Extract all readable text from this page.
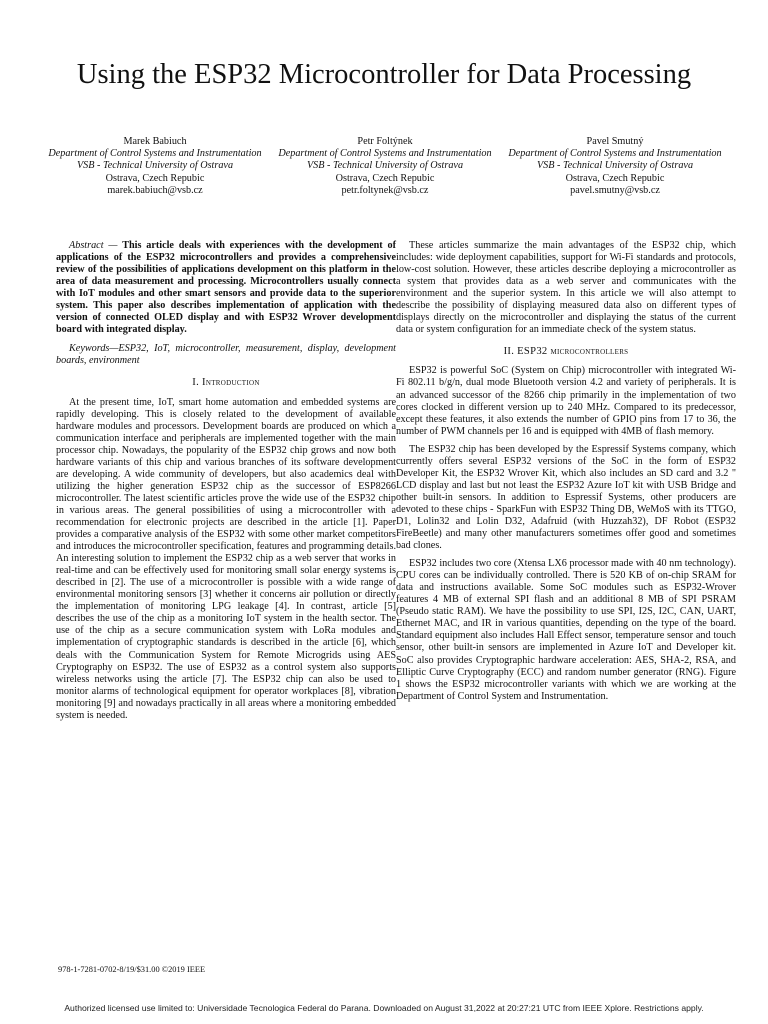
Using the ESP32 Microcontroller for Data Processing
Marek Babiuch
Department of Control Systems and Instrumentation
VSB - Technical University of Ostrava
Ostrava, Czech Repubic
marek.babiuch@vsb.cz
Petr Foltýnek
Department of Control Systems and Instrumentation
VSB - Technical University of Ostrava
Ostrava, Czech Repubic
petr.foltynek@vsb.cz
Pavel Smutný
Department of Control Systems and Instrumentation
VSB - Technical University of Ostrava
Ostrava, Czech Repubic
pavel.smutny@vsb.cz

Abstract — This article deals with experiences with the development of applications of the ESP32 microcontrollers and provides a comprehensive review of the possibilities of applications development on this platform in the area of data measurement and processing. Microcontrollers usually connect with IoT modules and other smart sensors and provide data to the superior system. This paper also describes implementation of application with the version of connected OLED display and with ESP32 Wrover development board with integrated display.

Keywords—ESP32, IoT, microcontroller, measurement, display, development boards, environment

I. Introduction

At the present time, IoT, smart home automation and embedded systems are rapidly developing. This is closely related to the development of available hardware modules and processors. Development boards are produced on which a communication interface and peripherals are implemented together with the main processor chip. Nowadays, the popularity of the ESP32 chip grows and now both hardware variants of this chip and various branches of its software development are developing. A wide community of developers, but also academics deal with utilizing the higher generation ESP32 chip as the successor of ESP8266 microcontroller. The latest scientific articles prove the wide use of the ESP32 chip in various areas. The general possibilities of using a microcontroller with a recommendation for electronic projects are described in the article [1]. Paper provides a comparative analysis of the ESP32 with some other market competitors and introduces the microcontroller specification, features and programming details. An interesting solution to implement the ESP32 chip as a web server that works in real-time and can be effectively used for monitoring small solar energy systems is described in [2]. The use of a microcontroller is possible with a wide range of environmental monitoring sensors [3] whether it concerns air pollution or directly the implementation of monitoring LPG leakage [4]. In contrast, article [5] describes the use of the chip as a monitoring IoT system in the health sector. The use of the chip as a secure communication system with LoRa modules and implementation of cryptographic standards is described in the article [6], which deals with the Communication System for Remote Microgrids using AES Cryptography on ESP32. The use of ESP32 as a control system also supports wireless networks using the article [7]. The ESP32 chip can also be used to monitor alarms of technological equipment for operator workplaces [8], vibration monitoring [9] and nowadays practically in all areas where a monitoring embedded system is needed.

These articles summarize the main advantages of the ESP32 chip, which includes: wide deployment capabilities, support for Wi-Fi standards and protocols, low-cost solution. However, these articles describe deploying a microcontroller as a system that provides data as a web server and communicates with the environment and the superior system. In this article we will also attempt to describe the possibility of displaying measured data also on different types of displays directly on the microcontroller and displaying the status of the current data or system configuration for an immediate check of the system status.

II. ESP32 microcontrollers

ESP32 is powerful SoC (System on Chip) microcontroller with integrated Wi-Fi 802.11 b/g/n, dual mode Bluetooth version 4.2 and variety of peripherals. It is an advanced successor of the 8266 chip primarily in the implementation of two cores clocked in different version up to 240 MHz. Compared to its predecessor, except these features, it also extends the number of GPIO pins from 17 to 36, the number of PWM channels per 16 and is equipped with 4MB of flash memory.

The ESP32 chip has been developed by the Espressif Systems company, which currently offers several ESP32 versions of the SoC in the form of ESP32 Developer Kit, the ESP32 Wrover Kit, which also includes an SD card and 3.2 " LCD display and last but not least the ESP32 Azure IoT kit with USB Bridge and other built-in sensors. In addition to Espressif Systems, other producers are devoted to these chips - SparkFun with ESP32 Thing DB, WeMoS with its TTGO, D1, Lolin32 and Lolin D32, Adafruid (with Huzzah32), DF Robot (ESP32 FireBeetle) and many other manufacturers sometimes offer good and sometimes bad clones.

ESP32 includes two core (Xtensa LX6 processor made with 40 nm technology). CPU cores can be individually controlled. There is 520 KB of on-chip SRAM for data and instructions available. Some SoC modules such as ESP32-Wrover features 4 MB of external SPI flash and an additional 8 MB of SPI PSRAM (Pseudo static RAM). We have the possibility to use SPI, I2S, I2C, CAN, UART, Ethernet MAC, and IR in various quantities, depending on the type of the board. Standard equipment also includes Hall Effect sensor, temperature sensor and touch sensor, other built-in sensors are implemented in Azure IoT and Developer kit. SoC also provides Cryptographic hardware acceleration: AES, SHA-2, RSA, and Elliptic Curve Cryptography (ECC) and random number generator (RNG). Figure 1 shows the ESP32 microcontroller variants with which we are working at the Department of Control System and Instrumentation.

978-1-7281-0702-8/19/$31.00 ©2019 IEEE
Authorized licensed use limited to: Universidade Tecnologica Federal do Parana. Downloaded on August 31,2022 at 20:27:21 UTC from IEEE Xplore. Restrictions apply.
